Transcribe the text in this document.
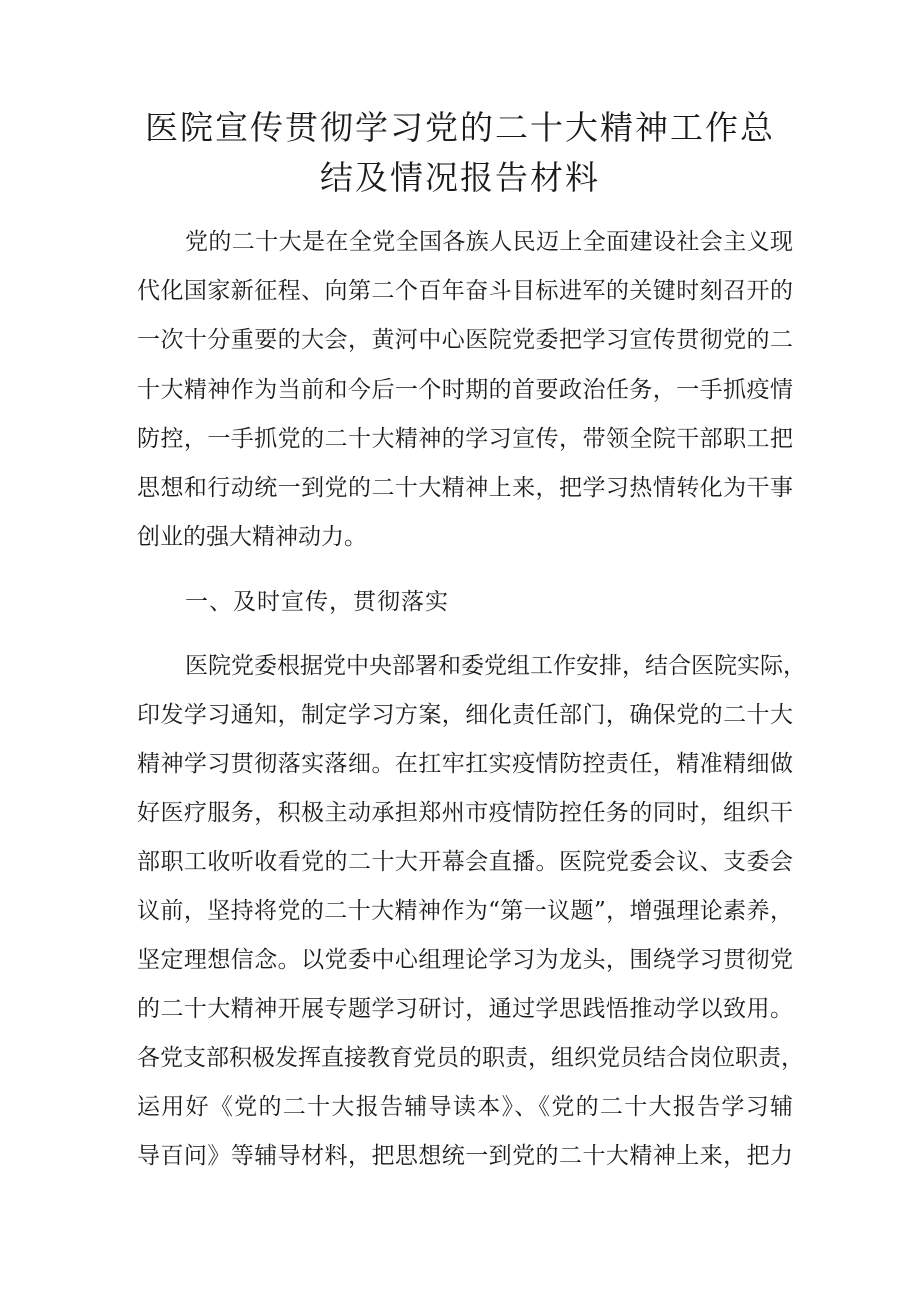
医院宣传贯彻学习党的二十大精神工作总
结及情况报告材料
党的二十大是在全党全国各族人民迈上全面建设社会主义现
代化国家新征程、向第二个百年奋斗目标进军的关键时刻召开的
一次十分重要的大会，黄河中心医院党委把学习宣传贯彻党的二
十大精神作为当前和今后一个时期的首要政治任务，一手抓疫情
防控，一手抓党的二十大精神的学习宣传，带领全院干部职工把
思想和行动统一到党的二十大精神上来，把学习热情转化为干事
创业的强大精神动力。
一、及时宣传，贯彻落实
医院党委根据党中央部署和委党组工作安排，结合医院实际，
印发学习通知，制定学习方案，细化责任部门，确保党的二十大
精神学习贯彻落实落细。在扛牢扛实疫情防控责任，精准精细做
好医疗服务，积极主动承担郑州市疫情防控任务的同时，组织干
部职工收听收看党的二十大开幕会直播。医院党委会议、支委会
议前，坚持将党的二十大精神作为“第一议题”，增强理论素养，
坚定理想信念。以党委中心组理论学习为龙头，围绕学习贯彻党
的二十大精神开展专题学习研讨，通过学思践悟推动学以致用。
各党支部积极发挥直接教育党员的职责，组织党员结合岗位职责，
运用好《党的二十大报告辅导读本》、《党的二十大报告学习辅
导百问》等辅导材料，把思想统一到党的二十大精神上来，把力
